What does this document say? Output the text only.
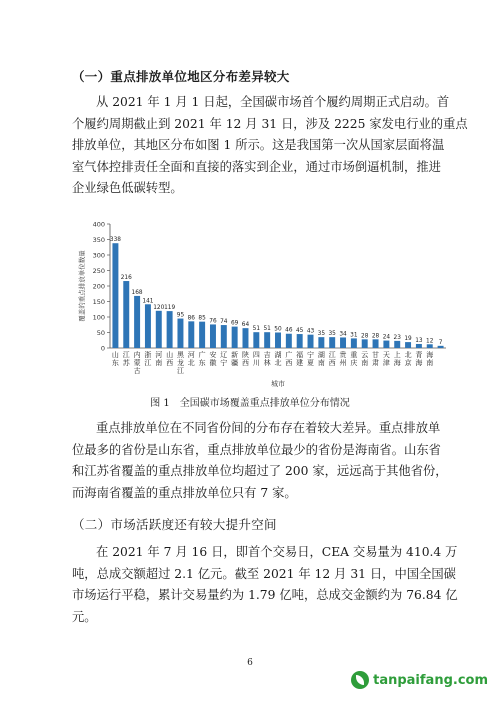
（一）重点排放单位地区分布差异较大
从 2021 年 1 月 1 日起，全国碳市场首个履约周期正式启动。首
个履约周期截止到 2021 年 12 月 31 日，涉及 2225 家发电行业的重点
排放单位，其地区分布如图 1 所示。这是我国第一次从国家层面将温
室气体控排责任全面和直接的落实到企业，通过市场倒逼机制，推进
企业绿色低碳转型。
0
50
100
150
200
250
300
350
400
覆盖的重点排放单位数量
城市
338
山
东
216
江
苏
168
内
蒙
古
141
浙
江
120
河
南
119
山
西
95
黑
龙
江
86
河
北
85
广
东
76
安
徽
74
辽
宁
69
新
疆
64
陕
西
51
四
川
51
吉
林
50
湖
北
46
广
西
45
福
建
43
宁
夏
35
湖
南
35
江
西
34
贵
州
31
重
庆
28
云
南
28
甘
肃
24
天
津
23
上
海
19
北
京
13
青
海
12
海
南
7
图 1　全国碳市场覆盖重点排放单位分布情况
重点排放单位在不同省份间的分布存在着较大差异。重点排放单
位最多的省份是山东省，重点排放单位最少的省份是海南省。山东省
和江苏省覆盖的重点排放单位均超过了 200 家，远远高于其他省份，
而海南省覆盖的重点排放单位只有 7 家。
（二）市场活跃度还有较大提升空间
在 2021 年 7 月 16 日，即首个交易日，CEA 交易量为 410.4 万
吨，总成交额超过 2.1 亿元。截至 2021 年 12 月 31 日，中国全国碳
市场运行平稳，累计交易量约为 1.79 亿吨，总成交金额约为 76.84 亿
元。
6
tanpaifang.com
